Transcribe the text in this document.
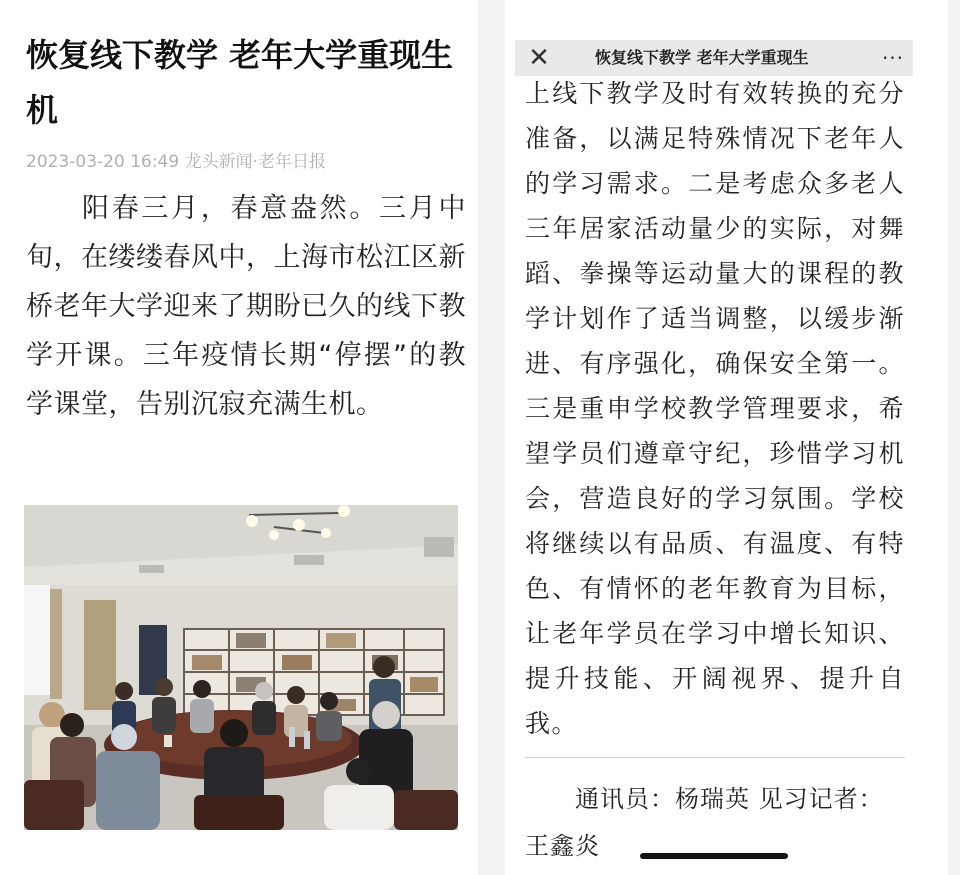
恢复线下教学 老年大学重现生机
2023-03-20 16:49 龙头新闻·老年日报

阳春三月，春意盎然。三月中旬，在缕缕春风中，上海市松江区新桥老年大学迎来了期盼已久的线下教学开课。三年疫情长期“停摆”的教学课堂，告别沉寂充满生机。

✕	恢复线下教学 老年大学重现生	···

上线下教学及时有效转换的充分准备，以满足特殊情况下老年人的学习需求。二是考虑众多老人三年居家活动量少的实际，对舞蹈、拳操等运动量大的课程的教学计划作了适当调整，以缓步渐进、有序强化，确保安全第一。三是重申学校教学管理要求，希望学员们遵章守纪，珍惜学习机会，营造良好的学习氛围。学校将继续以有品质、有温度、有特色、有情怀的老年教育为目标，让老年学员在学习中增长知识、提升技能、开阔视界、提升自我。

通讯员：杨瑞英 见习记者：王鑫炎
